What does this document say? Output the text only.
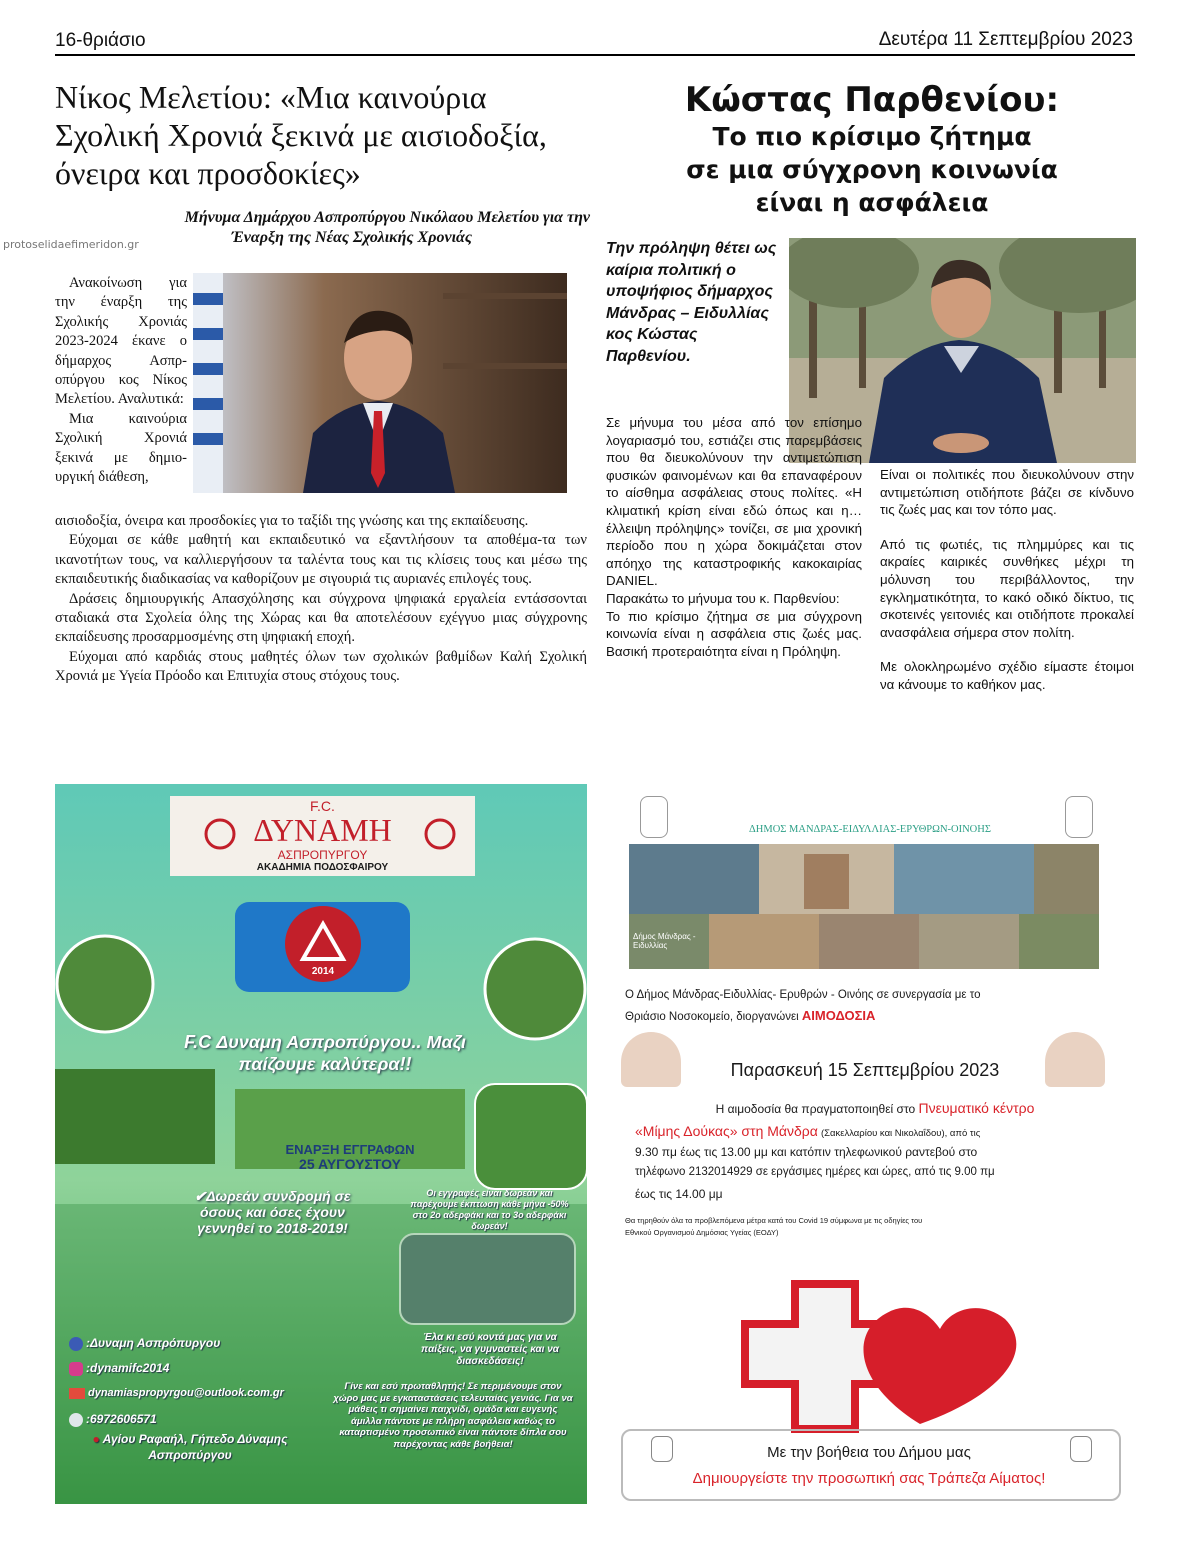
16-θριάσιο	Δευτέρα 11 Σεπτεμβρίου 2023
protoselidaefimeridon.gr
Νίκος Μελετίου: «Μια καινούρια Σχολική Χρονιά ξεκινά με αισιοδοξία, όνειρα και προσδοκίες»
Μήνυμα Δημάρχου Ασπροπύργου Νικόλαου Μελετίου για την
Έναρξη της Νέας Σχολικής Χρονιάς

Ανακοίνωση για την έναρξη της Σχολικής Χρονιάς 2023-2024 έκανε ο δήμαρχος Ασπρ-οπύργου κος Νίκος Μελετίου. Αναλυτικά:

Μια καινούρια Σχολική Χρονιά ξεκινά με δημιο-υργική διάθεση,

αισιοδοξία, όνειρα και προσδοκίες για το ταξίδι της γνώσης και της εκπαίδευσης.

Εύχομαι σε κάθε μαθητή και εκπαιδευτικό να εξαντλήσουν τα αποθέμα-τα των ικανοτήτων τους, να καλλιεργήσουν τα ταλέντα τους και τις κλίσεις τους και μέσω της εκπαιδευτικής διαδικασίας να καθορίζουν με σιγουριά τις αυριανές επιλογές τους.

Δράσεις δημιουργικής Απασχόλησης και σύγχρονα ψηφιακά εργαλεία εντάσσονται σταδιακά στα Σχολεία όλης της Χώρας και θα αποτελέσουν εχέγγυο μιας σύγχρονης εκπαίδευσης προσαρμοσμένης στη ψηφιακή εποχή.

Εύχομαι από καρδιάς στους μαθητές όλων των σχολικών βαθμίδων Καλή Σχολική Χρονιά με Υγεία Πρόοδο και Επιτυχία στους στόχους τους.

Κώστας Παρθενίου:
Το πιο κρίσιμο ζήτημα
σε μια σύγχρονη κοινωνία
είναι η ασφάλεια
Την πρόληψη θέτει ως καίρια πολιτική ο υποψήφιος δήμαρχος Μάνδρας – Ειδυλλίας κος Κώστας Παρθενίου.

Σε μήνυμα του μέσα από τον επίσημο λογαριασμό του, εστιάζει στις παρεμβάσεις που θα διευκολύνουν την αντιμετώπιση φυσικών φαινομένων και θα επαναφέρουν το αίσθημα ασφάλειας στους πολίτες. «Η κλιματική κρίση είναι εδώ όπως και η… έλλειψη πρόληψης» τονίζει, σε μια χρονική περίοδο που η χώρα δοκιμάζεται στον απόηχο της καταστροφικής κακοκαιρίας DANIEL.

Παρακάτω το μήνυμα του κ. Παρθενίου:

Το πιο κρίσιμο ζήτημα σε μια σύγχρονη κοινωνία είναι η ασφάλεια στις ζωές μας. Βασική προτεραιότητα είναι η Πρόληψη.

Είναι οι πολιτικές που διευκολύνουν στην αντιμετώπιση οτιδήποτε βάζει σε κίνδυνο τις ζωές μας και τον τόπο μας.

Από τις φωτιές, τις πλημμύρες και τις ακραίες καιρικές συνθήκες μέχρι τη μόλυνση του περιβάλλοντος, την εγκληματικότητα, το κακό οδικό δίκτυο, τις σκοτεινές γειτονιές και οτιδήποτε προκαλεί ανασφάλεια σήμερα στον πολίτη.

Με ολοκληρωμένο σχέδιο είμαστε έτοιμοι να κάνουμε το καθήκον μας.

F.C.
ΔΥΝΑΜΗ
ΑΣΠΡΟΠΥΡΓΟΥ
ΑΚΑΔΗΜΙΑ ΠΟΔΟΣΦΑΙΡΟΥ
2014
F.C Δυναμη Ασπροπύργου.. Μαζι
παίζουμε καλύτερα!!
ΕΝΑΡΞΗ ΕΓΓΡΑΦΩΝ
25 ΑΥΓΟΥΣΤΟΥ
✔Δωρεάν συνδρομή σε
όσους και όσες έχουν
γεννηθεί το 2018-2019!
Οι εγγραφές είναι δωρεάν και παρέχουμε έκπτωση κάθε μήνα -50% στο 2ο αδερφάκι και το 3ο αδερφάκι δωρεάν!
Έλα κι εσύ κοντά μας για να παίξεις, να γυμναστείς και να διασκεδάσεις!
:Δυναμη Ασπρόπυργου
:dynamifc2014
dynamiaspropyrgou@outlook.com.gr
:6972606571
● Αγίου Ραφαήλ, Γήπεδο Δύναμης
Ασπροπύργου
Γίνε και εσύ πρωταθλητής! Σε περιμένουμε στον χώρο μας με εγκαταστάσεις τελευταίας γενιάς. Για να μάθεις τι σημαίνει παιχνίδι, ομάδα και ευγενής άμιλλα πάντοτε με πλήρη ασφάλεια καθώς το καταρτισμένο προσωπικό είναι πάντοτε δίπλα σου παρέχοντας κάθε βοήθεια!
ΔΗΜΟΣ ΜΑΝΔΡΑΣ-ΕΙΔΥΛΛΙΑΣ-ΕΡΥΘΡΩΝ-ΟΙΝΟΗΣ
Δήμος Μάνδρας - Ειδυλλίας
Ο Δήμος Μάνδρας-Ειδυλλίας- Ερυθρών - Οινόης σε συνεργασία με το
Θριάσιο Νοσοκομείο, διοργανώνει ΑΙΜΟΔΟΣΙΑ
Παρασκευή 15 Σεπτεμβρίου 2023
Η αιμοδοσία θα πραγματοποιηθεί στο Πνευματικό κέντρο
«Μίμης Δούκας» στη Μάνδρα (Σακελλαρίου και Νικολαΐδου), από τις
9.30 πμ έως τις 13.00 μμ και κατόπιν τηλεφωνικού ραντεβού στο
τηλέφωνο 2132014929 σε εργάσιμες ημέρες και ώρες, από τις 9.00 πμ
έως τις 14.00 μμ
Θα τηρηθούν όλα τα προβλεπόμενα μέτρα κατά του Covid 19 σύμφωνα με τις οδηγίες του
Εθνικού Οργανισμού Δημόσιας Υγείας (ΕΟΔΥ)
Με την βοήθεια του Δήμου μας
Δημιουργείστε την προσωπική σας Τράπεζα Αίματος!
